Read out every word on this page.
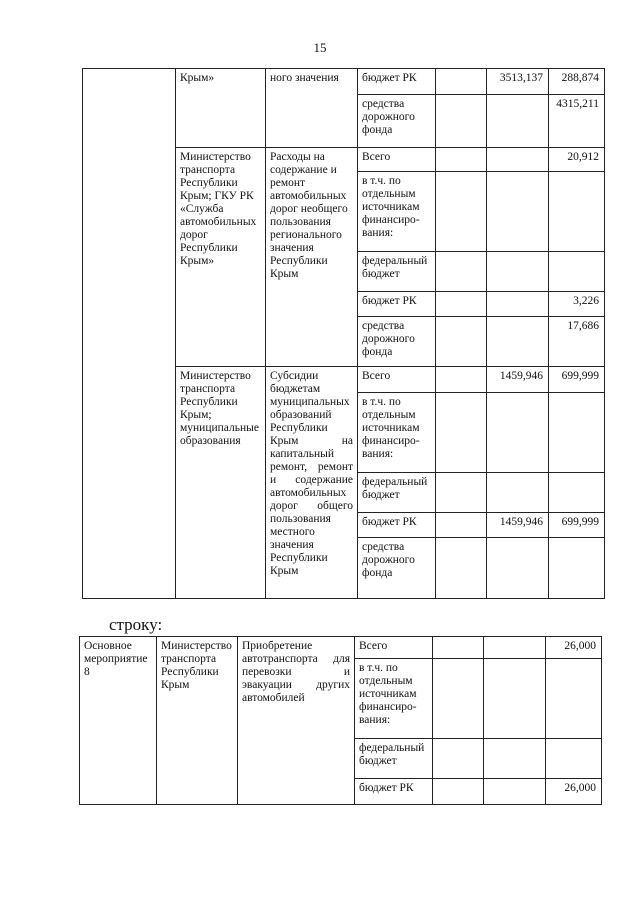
15
	Крым»	ного значения	бюджет РК		3513,137	288,874
			средства дорожного фонда			4315,211
	Министерство транспорта Республики Крым; ГКУ РК «Служба автомобильных дорог Республики Крым»	Расходы на содержание и ремонт автомобильных дорог необщего пользования регионального значения Республики Крым	Всего			20,912
			в т.ч. по отдельным источникам финансиро-вания:			
			федеральный бюджет			
			бюджет РК			3,226
			средства дорожного фонда			17,686
	Министерство транспорта Республики Крым; муниципальные образования	Субсидии бюджетам муниципальных образований Республики Крым на капитальный ремонт, ремонт и содержание автомобильных дорог общего пользования местного значения Республики Крым	Всего		1459,946	699,999
			в т.ч. по отдельным источникам финансиро-вания:			
			федеральный бюджет			
			бюджет РК		1459,946	699,999
			средства дорожного фонда			
строку:
Основное мероприятие 8	Министерство транспорта Республики Крым	Приобретение автотранспорта для перевозки и эвакуации других автомобилей	Всего			26,000
			в т.ч. по отдельным источникам финансиро-вания:			
			федеральный бюджет			
			бюджет РК			26,000
